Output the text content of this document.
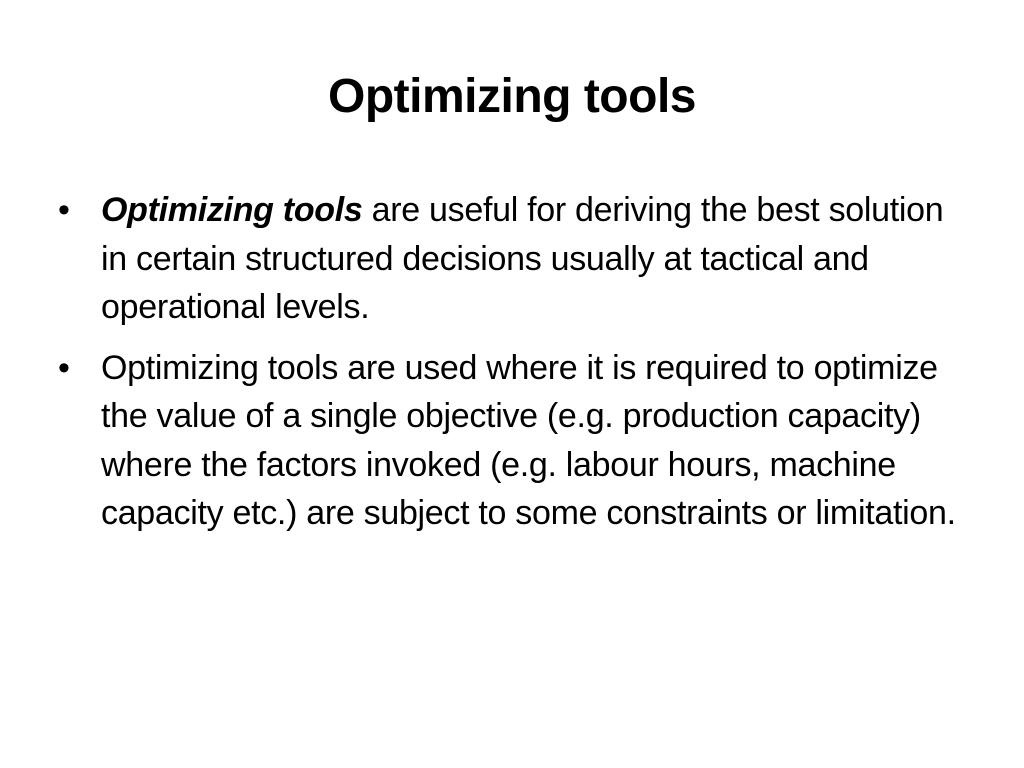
Optimizing tools
• Optimizing tools are useful for deriving the best solution in certain structured decisions usually at tactical and operational levels.
• Optimizing tools are used where it is required to optimize the value of a single objective (e.g. production capacity) where the factors invoked (e.g. labour hours, machine capacity etc.) are subject to some constraints or limitation.
